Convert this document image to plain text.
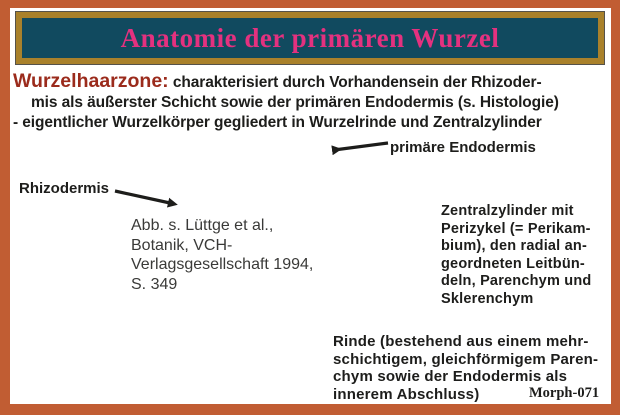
Anatomie der primären Wurzel
Wurzelhaarzone: charakterisiert durch Vorhandensein der Rhizoder-
mis als äußerster Schicht sowie der primären Endodermis (s. Histologie)
- eigentlicher Wurzelkörper gegliedert in Wurzelrinde und Zentralzylinder
primäre Endodermis
Rhizodermis
Abb. s. Lüttge et al.,
Botanik, VCH-
Verlagsgesellschaft 1994,
S. 349
Zentralzylinder mit
Perizykel (= Perikam-
bium), den radial an-
geordneten Leitbün-
deln, Parenchym und
Sklerenchym
Rinde (bestehend aus einem mehr-
schichtigem, gleichförmigem Paren-
chym sowie der Endodermis als
innerem Abschluss)	Morph-071
